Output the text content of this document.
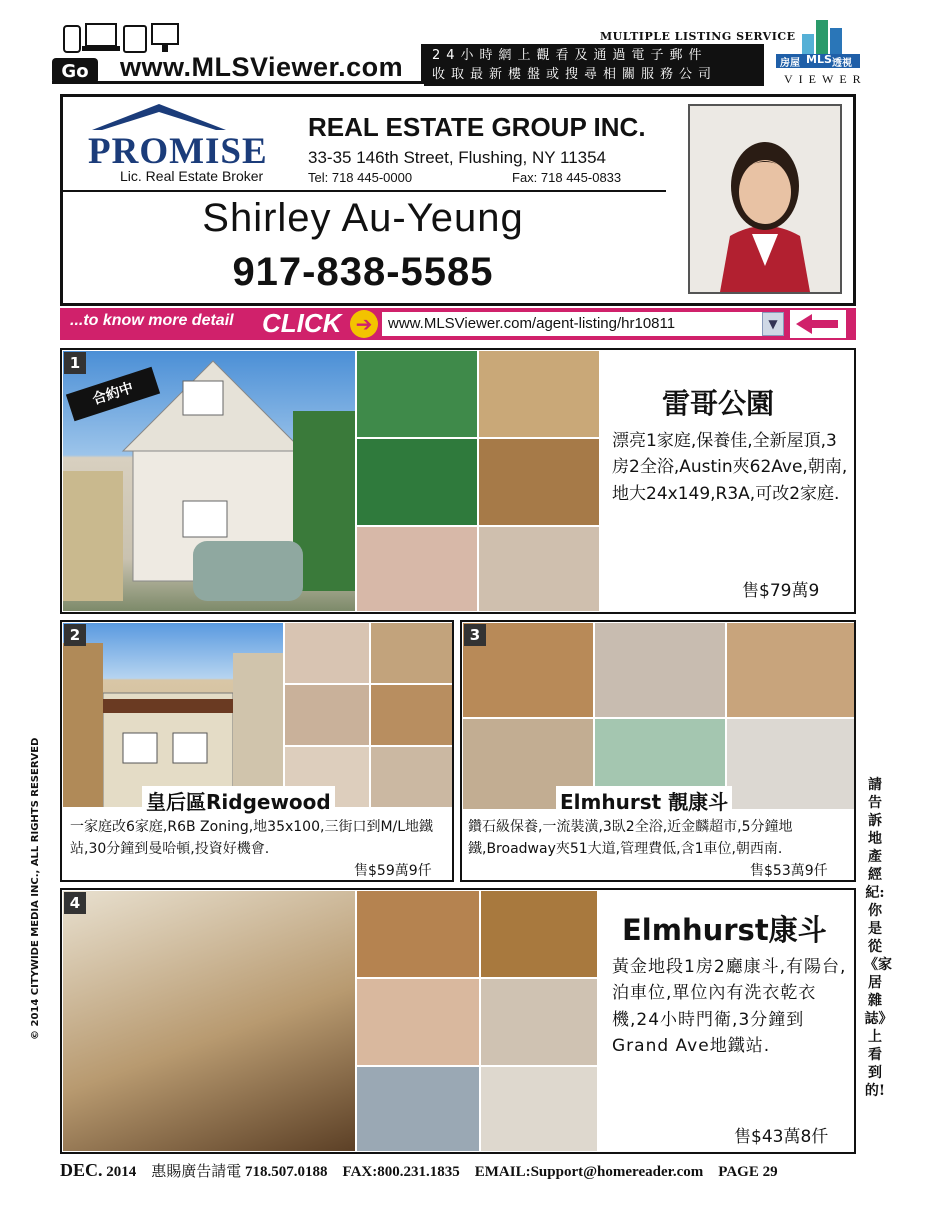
Go	www.MLSViewer.com 24小時網上觀看及通過電子郵件
收取最新樓盤或搜尋相關服務公司
MULTIPLE LISTING SERVICE
房屋 MLS 透視
VIEWER
PROMISE
Lic. Real Estate Broker
REAL ESTATE GROUP INC.
33-35 146th Street, Flushing, NY 11354
Tel: 718 445-0000	Fax: 718 445-0833
Shirley Au-Yeung
917-838-5585
...to know more detail CLICK ➔	www.MLSViewer.com/agent-listing/hr10811	▼
1
合約中	雷哥公園
漂亮1家庭,保養佳,全新屋頂,3房2全浴,Austin夾62Ave,朝南,地大24x149,R3A,可改2家庭.
售$79萬9
2
皇后區Ridgewood
一家庭改6家庭,R6B Zoning,地35x100,三街口到M/L地鐵站,30分鐘到曼哈頓,投資好機會.
售$59萬9仟
3
Elmhurst 靚康斗
鑽石級保養,一流裝潢,3臥2全浴,近金麟超市,5分鐘地鐵,Broadway夾51大道,管理費低,含1車位,朝西南.
售$53萬9仟
4
Elmhurst康斗
黃金地段1房2廳康斗,有陽台,泊車位,單位內有洗衣乾衣機,24小時門衛,3分鐘到Grand Ave地鐵站.
售$43萬8仟
請告訴地產經紀:你是從《家居雜誌》上看到的!
© 2014 CITYWIDE MEDIA INC., ALL RIGHTS RESERVED
DEC. 2014 惠賜廣告請電 718.507.0188 FAX:800.231.1835 EMAIL:Support@homereader.com PAGE 29
